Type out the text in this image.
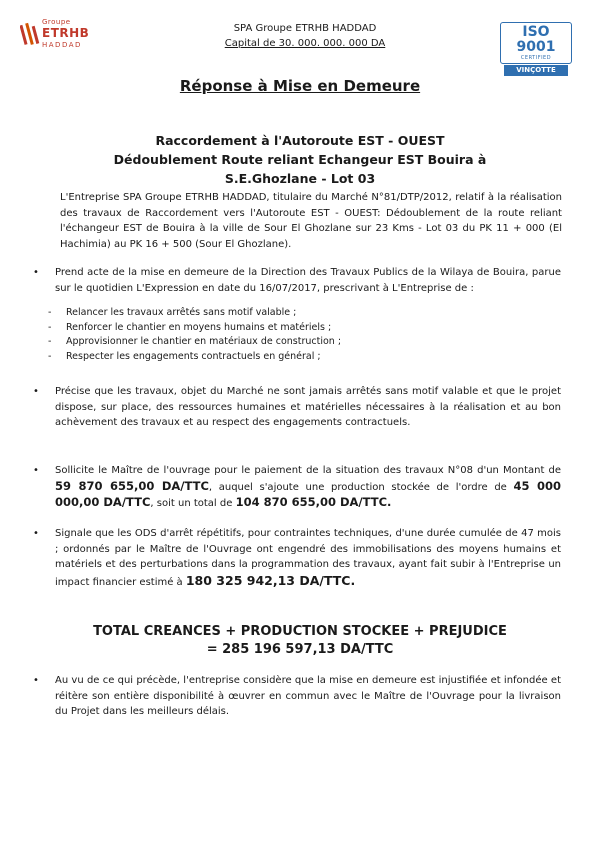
Groupe
ETRHB
HADDAD
SPA Groupe ETRHB HADDAD
Capital de 30. 000. 000. 000 DA
ISO 9001
CERTIFIED
VINÇOTTE
Réponse à Mise en Demeure
Raccordement à l'Autoroute EST - OUEST
Dédoublement Route reliant Echangeur EST Bouira à S.E.Ghozlane - Lot 03
L'Entreprise SPA Groupe ETRHB HADDAD, titulaire du Marché N°81/DTP/2012, relatif à la réalisation des travaux de Raccordement vers l'Autoroute EST - OUEST: Dédoublement de la route reliant l'échangeur EST de Bouira à la ville de Sour El Ghozlane sur 23 Kms - Lot 03 du PK 11 + 000 (El Hachimia) au PK 16 + 500 (Sour El Ghozlane).
• Prend acte de la mise en demeure de la Direction des Travaux Publics de la Wilaya de Bouira, parue sur le quotidien L'Expression en date du 16/07/2017, prescrivant à L'Entreprise de :
- Relancer les travaux arrêtés sans motif valable ;
- Renforcer le chantier en moyens humains et matériels ;
- Approvisionner le chantier en matériaux de construction ;
- Respecter les engagements contractuels en général ;
• Précise que les travaux, objet du Marché ne sont jamais arrêtés sans motif valable et que le projet dispose, sur place, des ressources humaines et matérielles nécessaires à la réalisation et au bon achèvement des travaux et au respect des engagements contractuels.
• Sollicite le Maître de l'ouvrage pour le paiement de la situation des travaux N°08 d'un Montant de 59 870 655,00 DA/TTC, auquel s'ajoute une production stockée de l'ordre de 45 000 000,00 DA/TTC, soit un total de 104 870 655,00 DA/TTC.
• Signale que les ODS d'arrêt répétitifs, pour contraintes techniques, d'une durée cumulée de 47 mois ; ordonnés par le Maître de l'Ouvrage ont engendré des immobilisations des moyens humains et matériels et des perturbations dans la programmation des travaux, ayant fait subir à l'Entreprise un impact financier estimé à 180 325 942,13 DA/TTC.
TOTAL CREANCES + PRODUCTION STOCKEE + PREJUDICE
= 285 196 597,13 DA/TTC
• Au vu de ce qui précède, l'entreprise considère que la mise en demeure est injustifiée et infondée et réitère son entière disponibilité à œuvrer en commun avec le Maître de l'Ouvrage pour la livraison du Projet dans les meilleurs délais.
